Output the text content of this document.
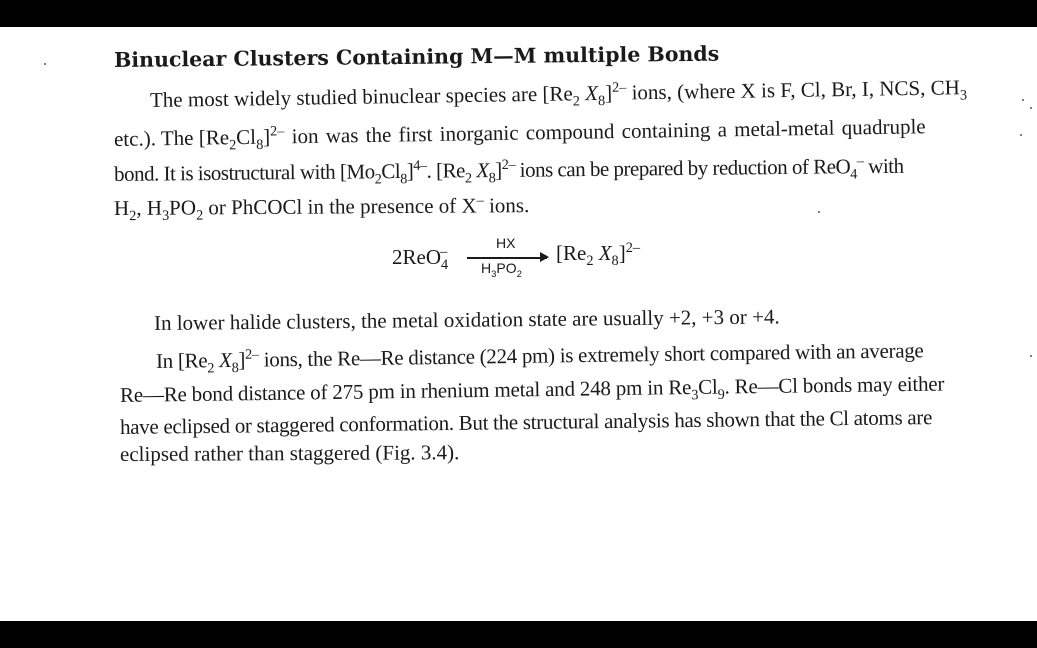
Binuclear Clusters Containing M—M multiple Bonds
The most widely studied binuclear species are [$Re_2$ $X_8]^{2-}$ ions, (where X is F, Cl, Br, I, NCS, $CH_3$
etc.). The $[Re_2Cl_8]^{2-}$ ion was the first inorganic compound containing a metal-metal quadruple
bond. It is isostructural with $[Mo_2Cl_8]^{4-}$. [$Re_2$ $X_8]^{2-}$ ions can be prepared by reduction of ReO$_4$– with
$H_2$, $H_3PO_2$ or PhCOCl in the presence of X– ions.
2ReO$_4$–
HX
$H_3PO_2$
[$Re_2$ $X_8]^{2-}$
In lower halide clusters, the metal oxidation state are usually +2, +3 or +4.
In [$Re_2$ $X_8]^{2-}$ ions, the Re—Re distance (224 pm) is extremely short compared with an average
Re—Re bond distance of 275 pm in rhenium metal and 248 pm in $Re_3Cl_9$. Re—Cl bonds may either
have eclipsed or staggered conformation. But the structural analysis has shown that the Cl atoms are
eclipsed rather than staggered (Fig. 3.4).
